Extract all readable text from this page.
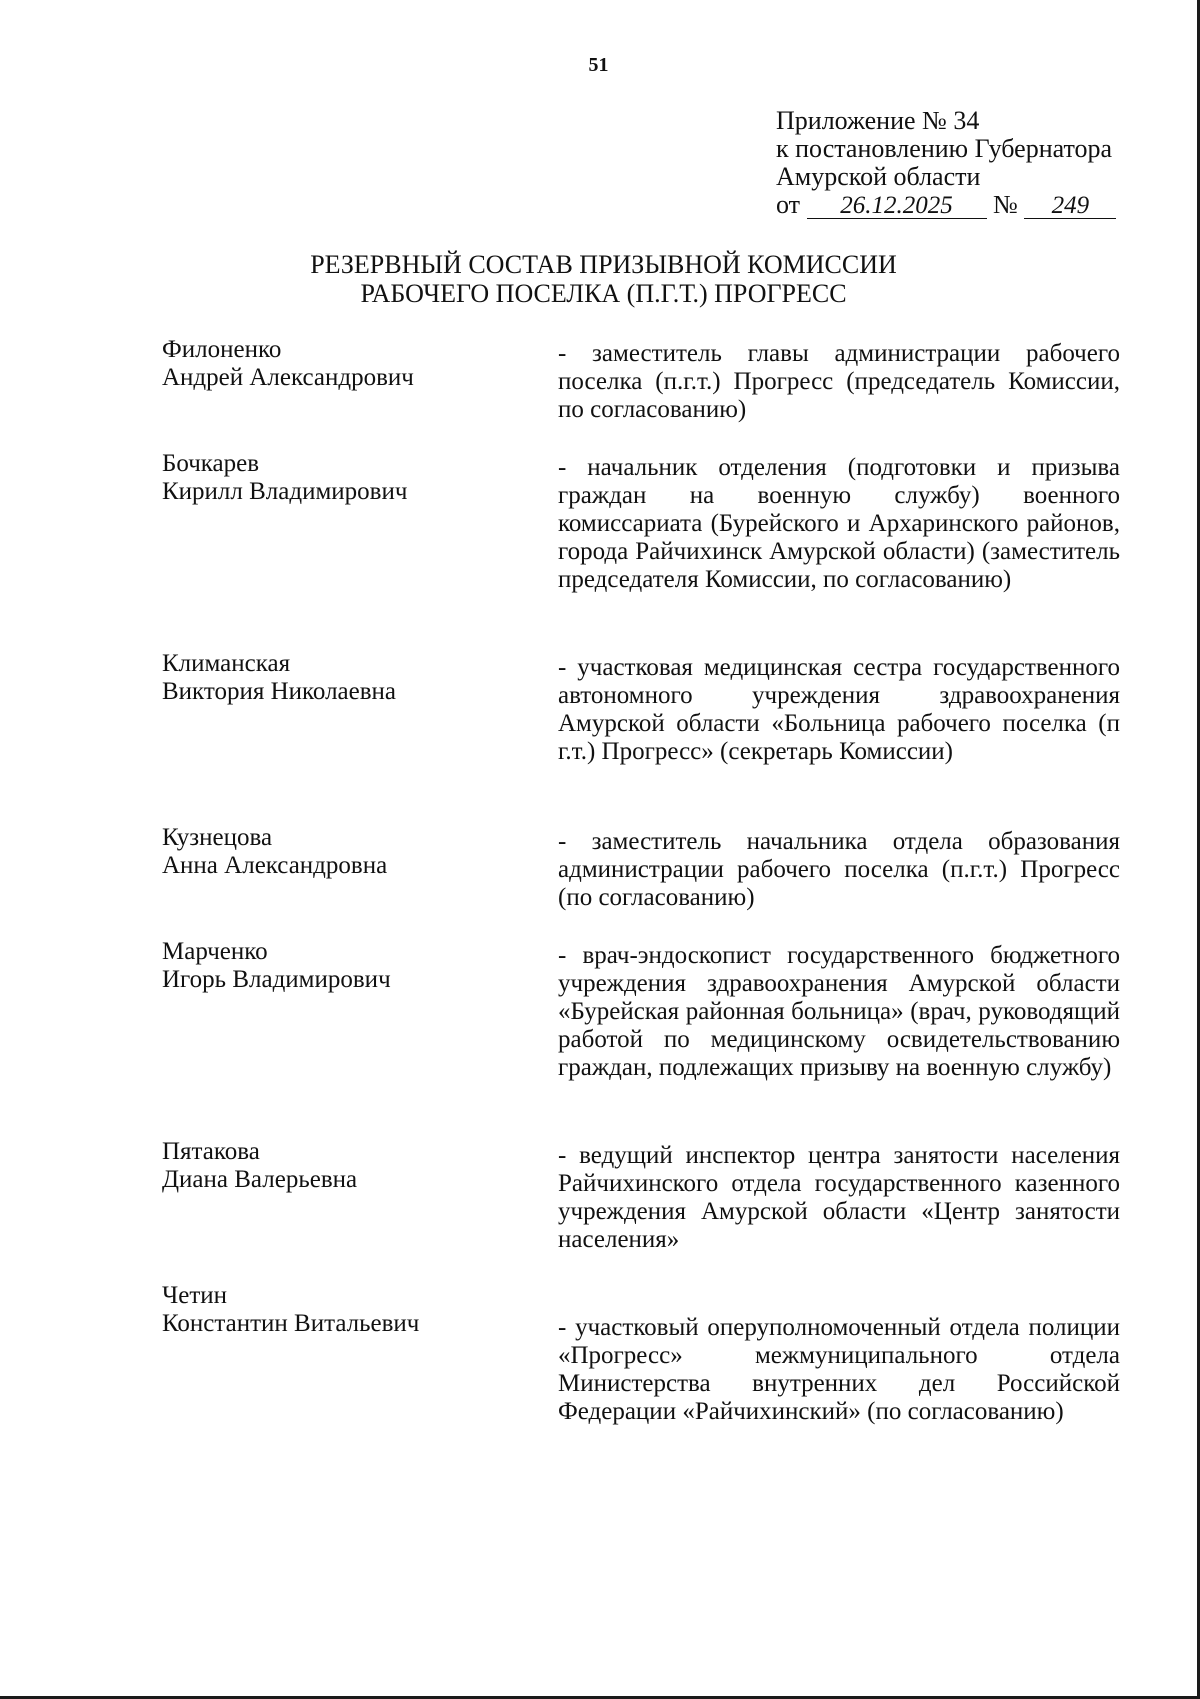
51
Приложение № 34
к постановлению Губернатора
Амурской области
от 26.12.2025 № 249
РЕЗЕРВНЫЙ СОСТАВ ПРИЗЫВНОЙ КОМИССИИ
РАБОЧЕГО ПОСЕЛКА (П.Г.Т.) ПРОГРЕСС
Филоненко
Андрей Александрович
- заместитель главы администрации рабочего поселка (п.г.т.) Прогресс (председатель Комиссии, по согласованию)
Бочкарев
Кирилл Владимирович
- начальник отделения (подготовки и призыва граждан на военную службу) военного комиссариата (Бурейского и Архаринского районов, города Райчихинск Амурской области) (заместитель председателя Комиссии, по согласованию)
Климанская
Виктория Николаевна
- участковая медицинская сестра государственного автономного учреждения здравоохранения Амурской области «Больница рабочего поселка (п г.т.) Прогресс» (секретарь Комиссии)
Кузнецова
Анна Александровна
- заместитель начальника отдела образования администрации рабочего поселка (п.г.т.) Прогресс (по согласованию)
Марченко
Игорь Владимирович
- врач-эндоскопист государственного бюджетного учреждения здравоохранения Амурской области «Бурейская районная больница» (врач, руководящий работой по медицинскому освидетельствованию граждан, подлежащих призыву на военную службу)
Пятакова
Диана Валерьевна
- ведущий инспектор центра занятости населения Райчихинского отдела государственного казенного учреждения Амурской области «Центр занятости населения»
Четин
Константин Витальевич	- участковый оперуполномоченный отдела полиции «Прогресс» межмуниципального отдела Министерства внутренних дел Российской Федерации «Райчихинский» (по согласованию)
